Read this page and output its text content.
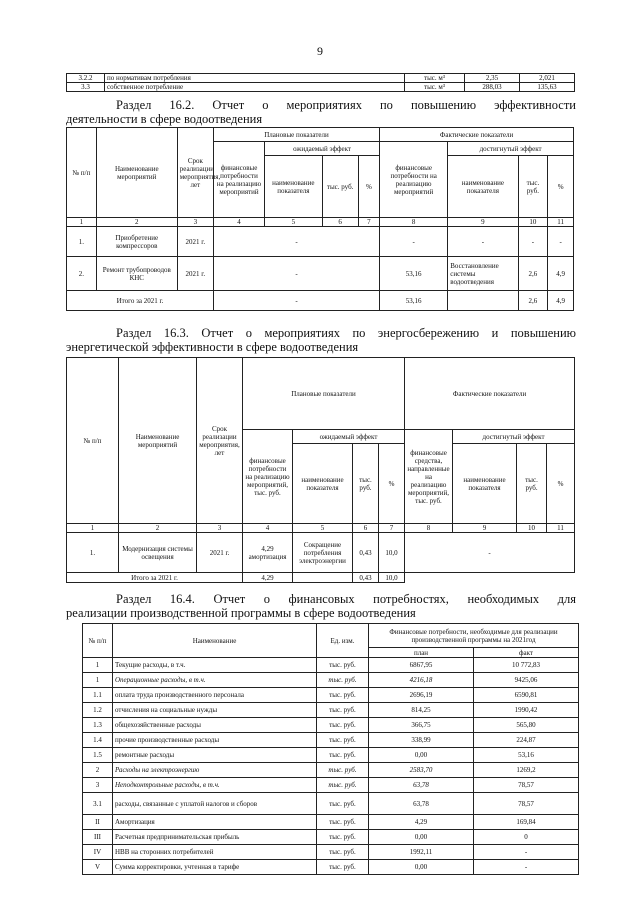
9
3.2.2	по нормативам потребления	тыс. м³	2,35	2,021
3.3	собственное потребление	тыс. м³	288,03	135,63
Раздел 16.2. Отчет о мероприятиях по повышению эффективности
деятельности в сфере водоотведения
№ п/п	Наименование мероприятий	Срок реализации мероприятия, лет	Плановые показатели				Фактические показатели			
			финансовые потребности на реализацию мероприятий	ожидаемый эффект			финансовые потребности на реализацию мероприятий	достигнутый эффект		
				наименование показателя	тыс. руб.	%		наименование показателя	тыс. руб.	%
1	2	3	4	5	6	7	8	9	10	11
1.	Приобретение компрессоров	2021 г.	-				-	-	-	-
2.	Ремонт трубопроводов КНС	2021 г.	-				53,16	Восстановление системы водоотведения	2,6	4,9
Итого за 2021 г.			-				53,16		2,6	4,9
Раздел 16.3. Отчет о мероприятиях по энергосбережению и повышению
энергетической эффективности в сфере водоотведения
№ п/п	Наименование мероприятий	Срок реализации мероприятия, лет	Плановые показатели				Фактические показатели			
			финансовые потребности на реализацию мероприятий, тыс. руб.	ожидаемый эффект			финансовые средства, направленные на реализацию мероприятий, тыс. руб.	достигнутый эффект		
				наименование показателя	тыс. руб.	%		наименование показателя	тыс. руб.	%
1	2	3	4	5	6	7	8	9	10	11
1.	Модернизация системы освещения	2021 г.	4,29 амортизация	Сокращение потребления электроэнергии	0,43	10,0	-			
Итого за 2021 г.			4,29		0,43	10,0				
Раздел 16.4. Отчет о финансовых потребностях, необходимых для
реализации производственной программы в сфере водоотведения
№ п/п	Наименование	Ед. изм.	Финансовые потребности, необходимые для реализации производственной программы на 2021год	
			план	факт
1	Текущие расходы, в т.ч.	тыс. руб.	6867,95	10 772,83
1	Операционные расходы, в т.ч.	тыс. руб.	4216,18	9425,06
1.1	оплата труда производственного персонала	тыс. руб.	2696,19	6590,81
1.2	отчисления на социальные нужды	тыс. руб.	814,25	1990,42
1.3	общехозяйственные расходы	тыс. руб.	366,75	565,80
1.4	прочие производственные расходы	тыс. руб.	338,99	224,87
1.5	ремонтные расходы	тыс. руб.	0,00	53,16
2	Расходы на электроэнергию	тыс. руб.	2583,70	1269,2
3	Неподконтрольные расходы, в т.ч.	тыс. руб.	63,78	78,57
3.1	расходы, связанные с уплатой налогов и сборов	тыс. руб.	63,78	78,57
II	Амортизация	тыс. руб.	4,29	169,84
III	Расчетная предпринимательская прибыль	тыс. руб.	0,00	0
IV	НВВ на сторонних потребителей	тыс. руб.	1992,11	-
V	Сумма корректировки, учтенная в тарифе	тыс. руб.	0,00	-
